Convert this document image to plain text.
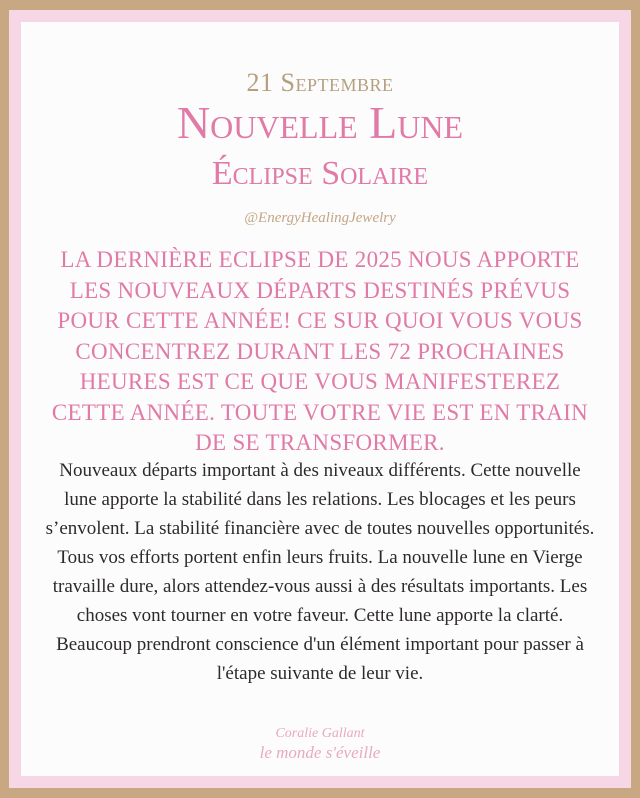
21 Septembre
Nouvelle Lune
Éclipse Solaire
@EnergyHealingJewelry
LA DERNIÈRE ECLIPSE DE 2025 NOUS APPORTE LES NOUVEAUX DÉPARTS DESTINÉS PRÉVUS POUR CETTE ANNÉE! CE SUR QUOI VOUS VOUS CONCENTREZ DURANT LES 72 PROCHAINES HEURES EST CE QUE VOUS MANIFESTEREZ CETTE ANNÉE. TOUTE VOTRE VIE EST EN TRAIN DE SE TRANSFORMER.
Nouveaux départs important à des niveaux différents. Cette nouvelle lune apporte la stabilité dans les relations. Les blocages et les peurs s’envolent. La stabilité financière avec de toutes nouvelles opportunités. Tous vos efforts portent enfin leurs fruits. La nouvelle lune en Vierge travaille dure, alors attendez-vous aussi à des résultats importants. Les choses vont tourner en votre faveur. Cette lune apporte la clarté. Beaucoup prendront conscience d'un élément important pour passer à l'étape suivante de leur vie.
Coralie Gallant
le monde s'éveille
